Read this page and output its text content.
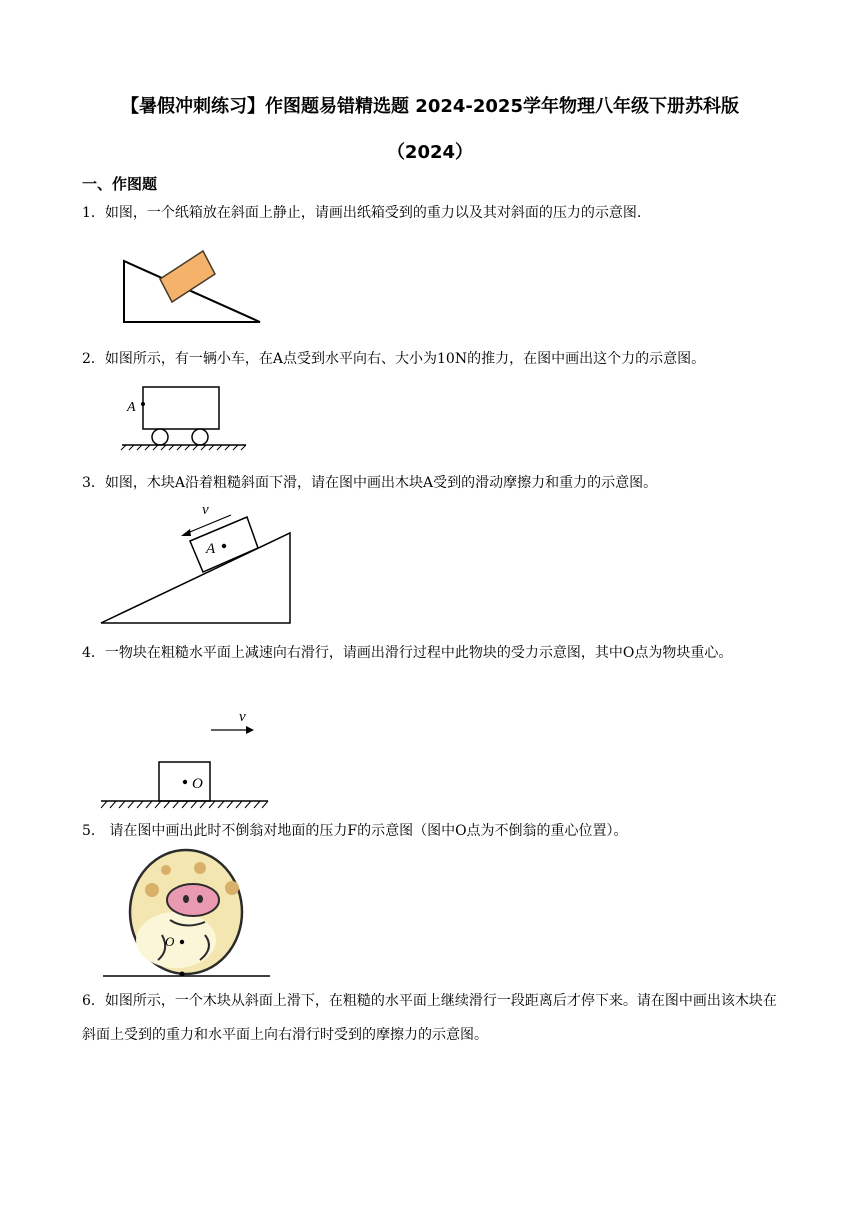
【暑假冲刺练习】作图题易错精选题 2024-2025学年物理八年级下册苏科版
（2024）
一、作图题
1．如图，一个纸箱放在斜面上静止，请画出纸箱受到的重力以及其对斜面的压力的示意图.
2．如图所示，有一辆小车，在A点受到水平向右、大小为10N的推力，在图中画出这个力的示意图。
A
3．如图，木块A沿着粗糙斜面下滑，请在图中画出木块A受到的滑动摩擦力和重力的示意图。
A
v
4．一物块在粗糙水平面上减速向右滑行，请画出滑行过程中此物块的受力示意图，其中O点为物块重心。
v
O
5． 请在图中画出此时不倒翁对地面的压力F的示意图（图中O点为不倒翁的重心位置）。
O
6．如图所示，一个木块从斜面上滑下，在粗糙的水平面上继续滑行一段距离后才停下来。请在图中画出该木块在斜面上受到的重力和水平面上向右滑行时受到的摩擦力的示意图。
